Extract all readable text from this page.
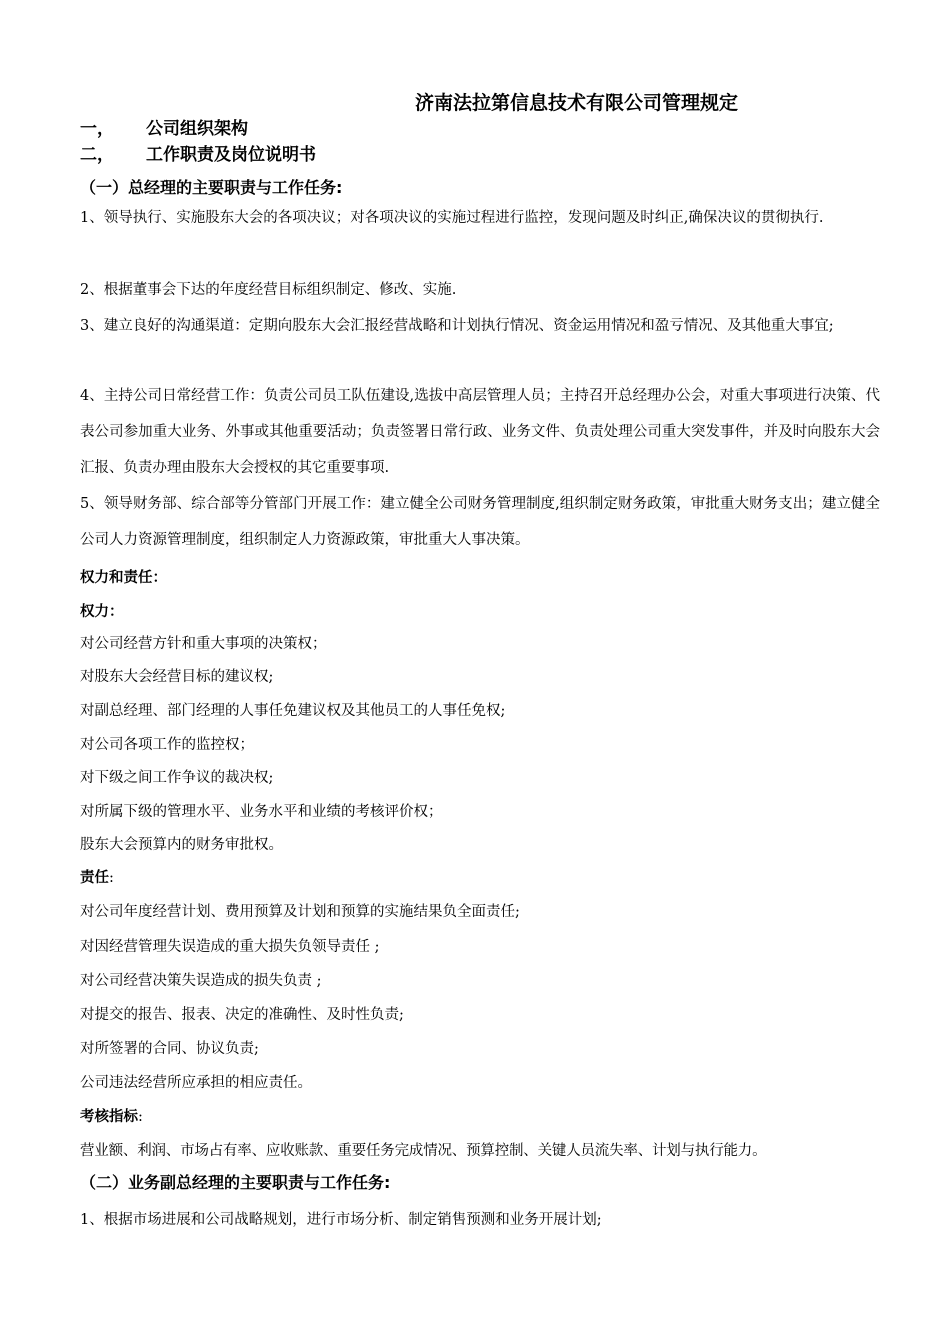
济南法拉第信息技术有限公司管理规定
一， 公司组织架构
二， 工作职责及岗位说明书
（一）总经理的主要职责与工作任务:
1、领导执行、实施股东大会的各项决议；对各项决议的实施过程进行监控，发现问题及时纠正,确保决议的贯彻执行.
2、根据董事会下达的年度经营目标组织制定、修改、实施.
3、建立良好的沟通渠道：定期向股东大会汇报经营战略和计划执行情况、资金运用情况和盈亏情况、及其他重大事宜;
4、主持公司日常经营工作：负责公司员工队伍建设,选拔中高层管理人员；主持召开总经理办公会，对重大事项进行决策、代表公司参加重大业务、外事或其他重要活动；负责签署日常行政、业务文件、负责处理公司重大突发事件，并及时向股东大会汇报、负责办理由股东大会授权的其它重要事项.
5、领导财务部、综合部等分管部门开展工作：建立健全公司财务管理制度,组织制定财务政策，审批重大财务支出；建立健全公司人力资源管理制度，组织制定人力资源政策，审批重大人事决策。
权力和责任：
权力：
对公司经营方针和重大事项的决策权；
对股东大会经营目标的建议权;
对副总经理、部门经理的人事任免建议权及其他员工的人事任免权;
对公司各项工作的监控权；
对下级之间工作争议的裁决权;
对所属下级的管理水平、业务水平和业绩的考核评价权；
股东大会预算内的财务审批权。
责任:
对公司年度经营计划、费用预算及计划和预算的实施结果负全面责任;
对因经营管理失误造成的重大损失负领导责任 ;
对公司经营决策失误造成的损失负责 ;
对提交的报告、报表、决定的准确性、及时性负责;
对所签署的合同、协议负责;
公司违法经营所应承担的相应责任。
考核指标:
营业额、利润、市场占有率、应收账款、重要任务完成情况、预算控制、关键人员流失率、计划与执行能力。
（二）业务副总经理的主要职责与工作任务:
1、根据市场进展和公司战略规划，进行市场分析、制定销售预测和业务开展计划;
